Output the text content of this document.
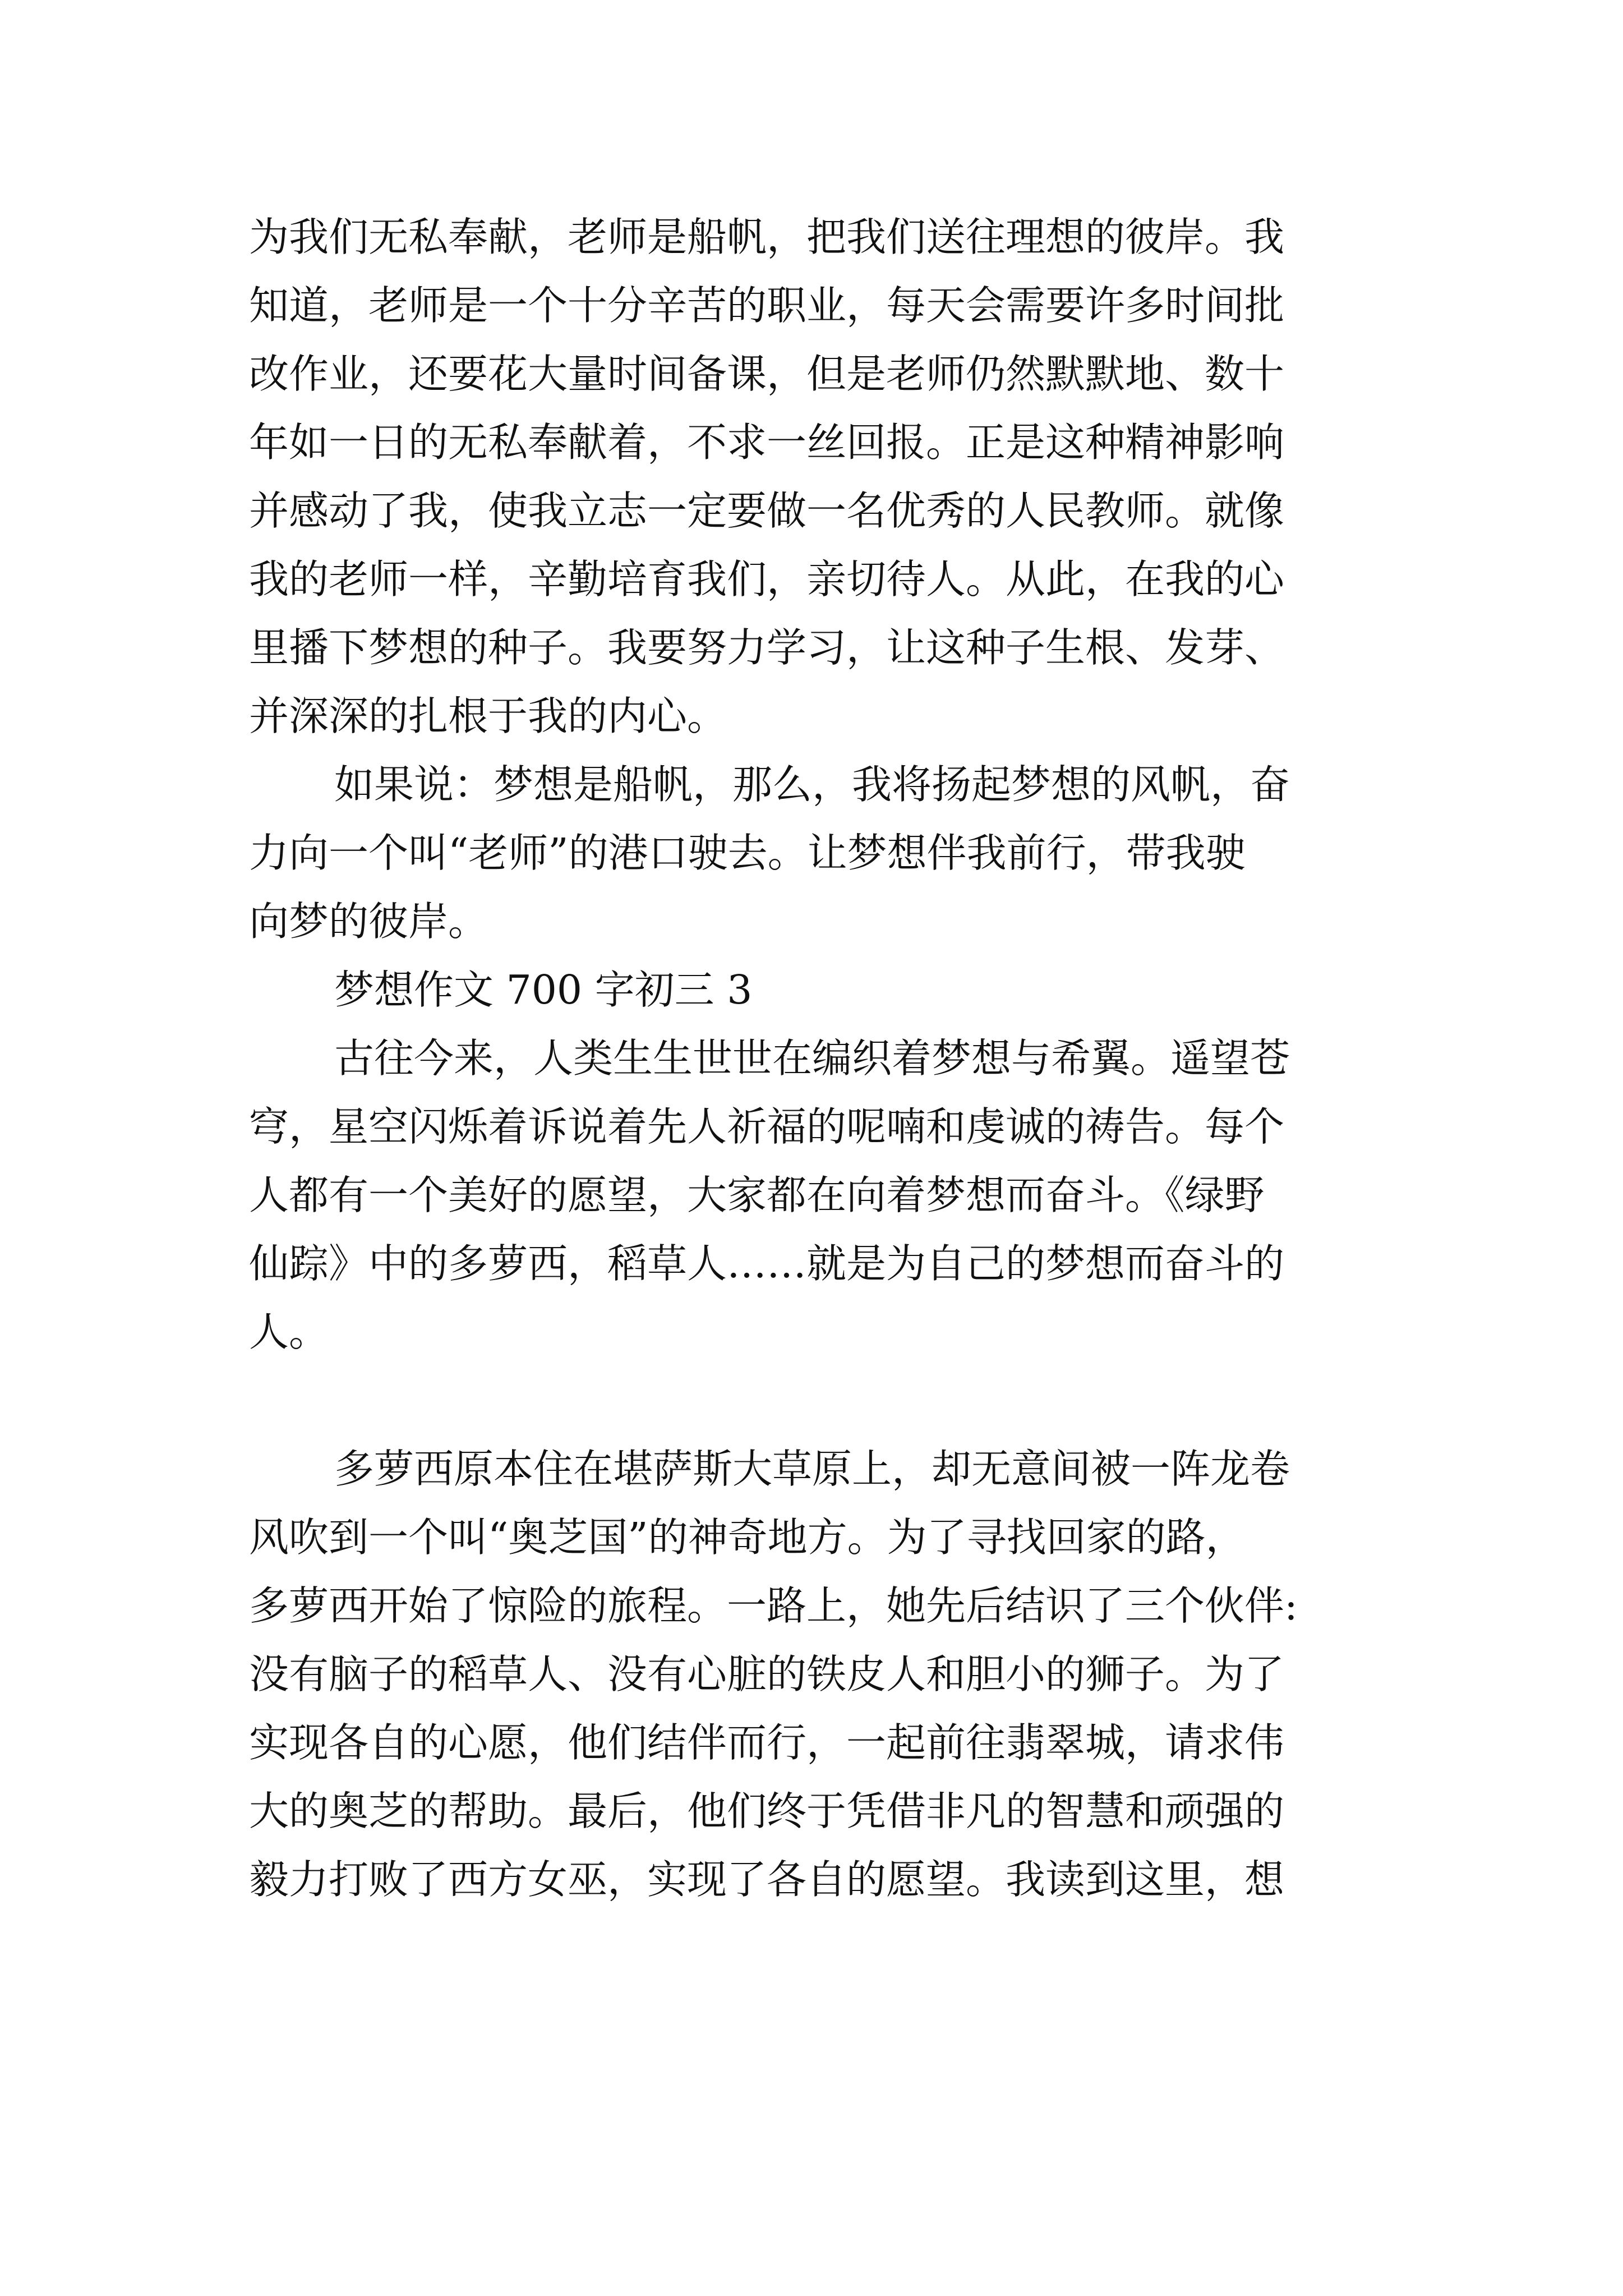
为我们无私奉献，老师是船帆，把我们送往理想的彼岸。我
知道，老师是一个十分辛苦的职业，每天会需要许多时间批
改作业，还要花大量时间备课，但是老师仍然默默地、数十
年如一日的无私奉献着，不求一丝回报。正是这种精神影响
并感动了我，使我立志一定要做一名优秀的人民教师。就像
我的老师一样，辛勤培育我们，亲切待人。从此，在我的心
里播下梦想的种子。我要努力学习，让这种子生根、发芽、
并深深的扎根于我的内心。
如果说：梦想是船帆，那么，我将扬起梦想的风帆，奋
力向一个叫“老师”的港口驶去。让梦想伴我前行，带我驶
向梦的彼岸。
梦想作文 700 字初三 3
古往今来，人类生生世世在编织着梦想与希翼。遥望苍
穹，星空闪烁着诉说着先人祈福的呢喃和虔诚的祷告。每个
人都有一个美好的愿望，大家都在向着梦想而奋斗。《绿野
仙踪》中的多萝西，稻草人……就是为自己的梦想而奋斗的
人。
多萝西原本住在堪萨斯大草原上，却无意间被一阵龙卷
风吹到一个叫“奥芝国”的神奇地方。为了寻找回家的路，
多萝西开始了惊险的旅程。一路上，她先后结识了三个伙伴:
没有脑子的稻草人、没有心脏的铁皮人和胆小的狮子。为了
实现各自的心愿，他们结伴而行，一起前往翡翠城，请求伟
大的奥芝的帮助。最后，他们终于凭借非凡的智慧和顽强的
毅力打败了西方女巫，实现了各自的愿望。我读到这里，想
